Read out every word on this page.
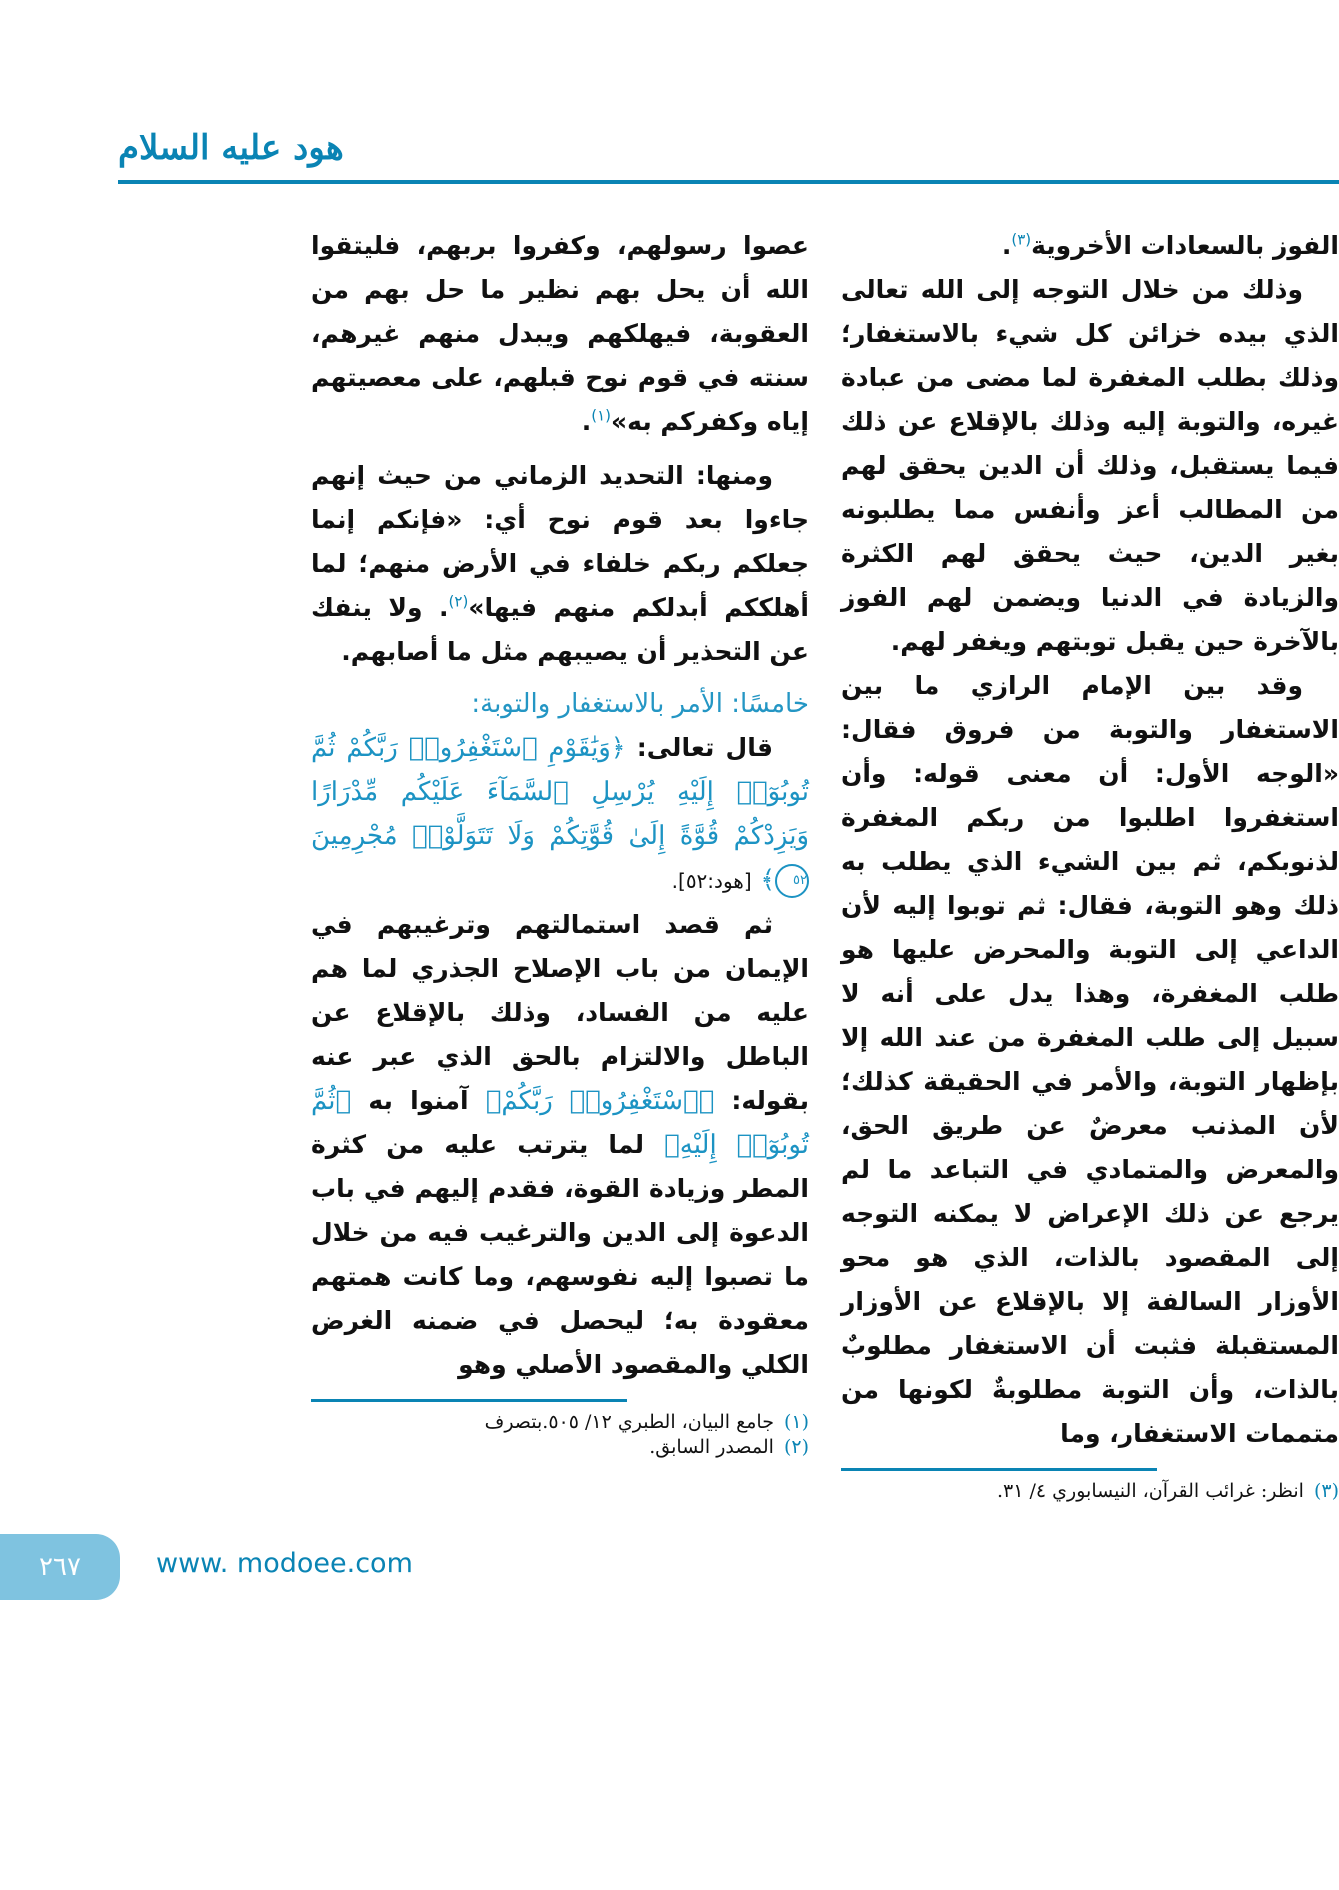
هود عليه السلام

الفوز بالسعادات الأخروية$^{(٣)}$.

وذلك من خلال التوجه إلى الله تعالى الذي بيده خزائن كل شيء بالاستغفار؛ وذلك بطلب المغفرة لما مضى من عبادة غيره، والتوبة إليه وذلك بالإقلاع عن ذلك فيما يستقبل، وذلك أن الدين يحقق لهم من المطالب أعز وأنفس مما يطلبونه بغير الدين، حيث يحقق لهم الكثرة والزيادة في الدنيا ويضمن لهم الفوز بالآخرة حين يقبل توبتهم ويغفر لهم.

وقد بين الإمام الرازي ما بين الاستغفار والتوبة من فروق فقال: «الوجه الأول: أن معنى قوله: وأن استغفروا اطلبوا من ربكم المغفرة لذنوبكم، ثم بين الشيء الذي يطلب به ذلك وهو التوبة، فقال: ثم توبوا إليه لأن الداعي إلى التوبة والمحرض عليها هو طلب المغفرة، وهذا يدل على أنه لا سبيل إلى طلب المغفرة من عند الله إلا بإظهار التوبة، والأمر في الحقيقة كذلك؛ لأن المذنب معرضٌ عن طريق الحق، والمعرض والمتمادي في التباعد ما لم يرجع عن ذلك الإعراض لا يمكنه التوجه إلى المقصود بالذات، الذي هو محو الأوزار السالفة إلا بالإقلاع عن الأوزار المستقبلة فثبت أن الاستغفار مطلوبٌ بالذات، وأن التوبة مطلوبةٌ لكونها من متممات الاستغفار، وما

(٣)انظر: غرائب القرآن، النيسابوري ٤/ ٣١.

عصوا رسولهم، وكفروا بربهم، فليتقوا الله أن يحل بهم نظير ما حل بهم من العقوبة، فيهلكهم ويبدل منهم غيرهم، سنته في قوم نوح قبلهم، على معصيتهم إياه وكفركم به»$^{(١)}$.

ومنها: التحديد الزماني من حيث إنهم جاءوا بعد قوم نوح أي: «فإنكم إنما جعلكم ربكم خلفاء في الأرض منهم؛ لما أهلككم أبدلكم منهم فيها»$^{(٢)}$. ولا ينفك عن التحذير أن يصيبهم مثل ما أصابهم.

خامسًا: الأمر بالاستغفار والتوبة:

قال تعالى: ﴿وَيَٰقَوْمِ ٱسْتَغْفِرُوا۟ رَبَّكُمْ ثُمَّ تُوبُوٓا۟ إِلَيْهِ يُرْسِلِ ٱلسَّمَآءَ عَلَيْكُم مِّدْرَارًا وَيَزِدْكُمْ قُوَّةً إِلَىٰ قُوَّتِكُمْ وَلَا تَتَوَلَّوْا۟ مُجْرِمِينَ ٥٢﴾ [هود:٥٢].

ثم قصد استمالتهم وترغيبهم في الإيمان من باب الإصلاح الجذري لما هم عليه من الفساد، وذلك بالإقلاع عن الباطل والالتزام بالحق الذي عبر عنه بقوله: ﴿ٱسْتَغْفِرُوا۟ رَبَّكُمْ﴾ آمنوا به ﴿ثُمَّ تُوبُوٓا۟ إِلَيْهِ﴾ لما يترتب عليه من كثرة المطر وزيادة القوة، فقدم إليهم في باب الدعوة إلى الدين والترغيب فيه من خلال ما تصبوا إليه نفوسهم، وما كانت همتهم معقودة به؛ ليحصل في ضمنه الغرض الكلي والمقصود الأصلي وهو

(١)جامع البيان، الطبري ١٢/ ٥٠٥.بتصرف
(٢)المصدر السابق.
٢٦٧	www. modoee.com
